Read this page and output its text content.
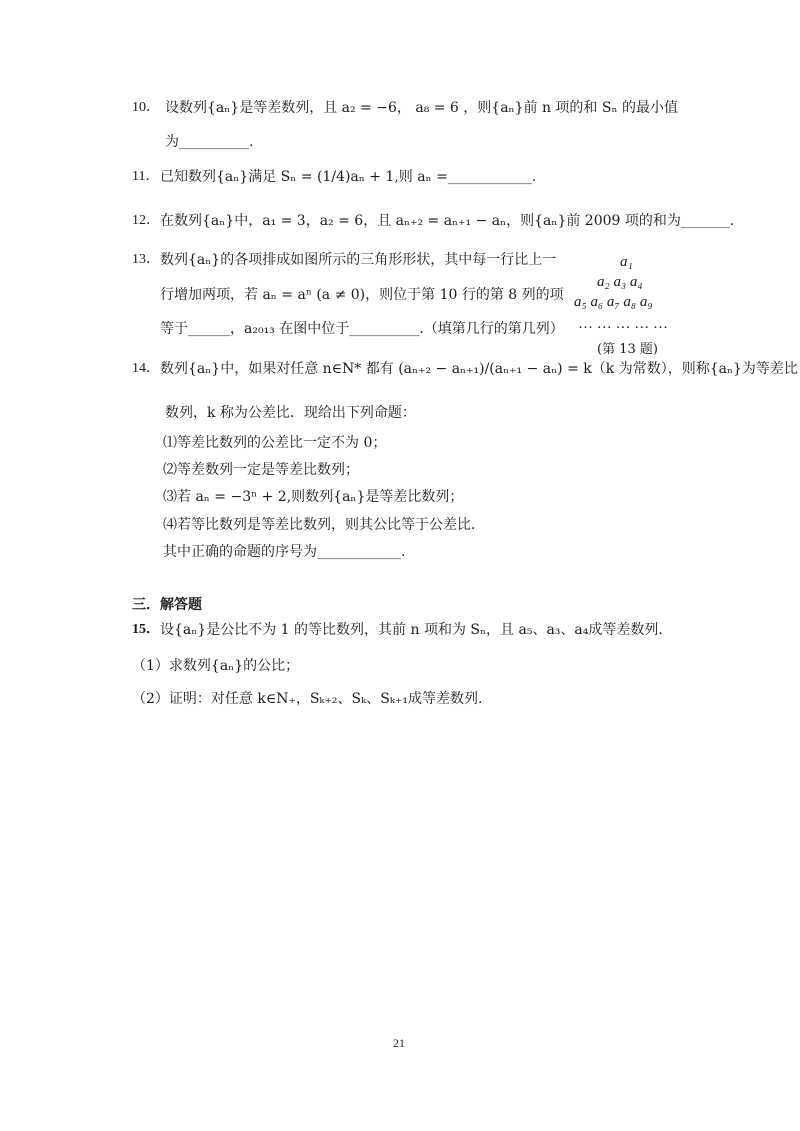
10． 设数列{aₙ}是等差数列，且 a₂ = −6， a₈ = 6 ，则{aₙ}前 n 项的和 Sₙ 的最小值
为__________.
11． 已知数列{aₙ}满足 Sₙ = (1/4)aₙ + 1,则 aₙ =____________.
12． 在数列{aₙ}中，a₁ = 3，a₂ = 6，且 aₙ₊₂ = aₙ₊₁ − aₙ，则{aₙ}前 2009 项的和为_______.
13． 数列{aₙ}的各项排成如图所示的三角形形状，其中每一行比上一
行增加两项，若 aₙ = aⁿ (a ≠ 0)，则位于第 10 行的第 8 列的项
等于______，a₂₀₁₃ 在图中位于__________.（填第几行的第几列）
a₁
a₂ a₃ a₄
a₅ a₆ a₇ a₈ a₉
… … … … …
(第 13 题)
14． 数列{aₙ}中，如果对任意 n∈N* 都有 (aₙ₊₂ − aₙ₊₁)/(aₙ₊₁ − aₙ) = k（k 为常数），则称{aₙ}为等差比
数列，k 称为公差比．现给出下列命题：
⑴等差比数列的公差比一定不为 0；
⑵等差数列一定是等差比数列；
⑶若 aₙ = −3ⁿ + 2,则数列{aₙ}是等差比数列；
⑷若等比数列是等差比数列，则其公比等于公差比．
其中正确的命题的序号为____________.
三．解答题
15． 设{aₙ}是公比不为 1 的等比数列，其前 n 项和为 Sₙ，且 a₅、a₃、a₄成等差数列.
（1）求数列{aₙ}的公比；
（2）证明：对任意 k∈N₊，Sₖ₊₂、Sₖ、Sₖ₊₁成等差数列.
21
